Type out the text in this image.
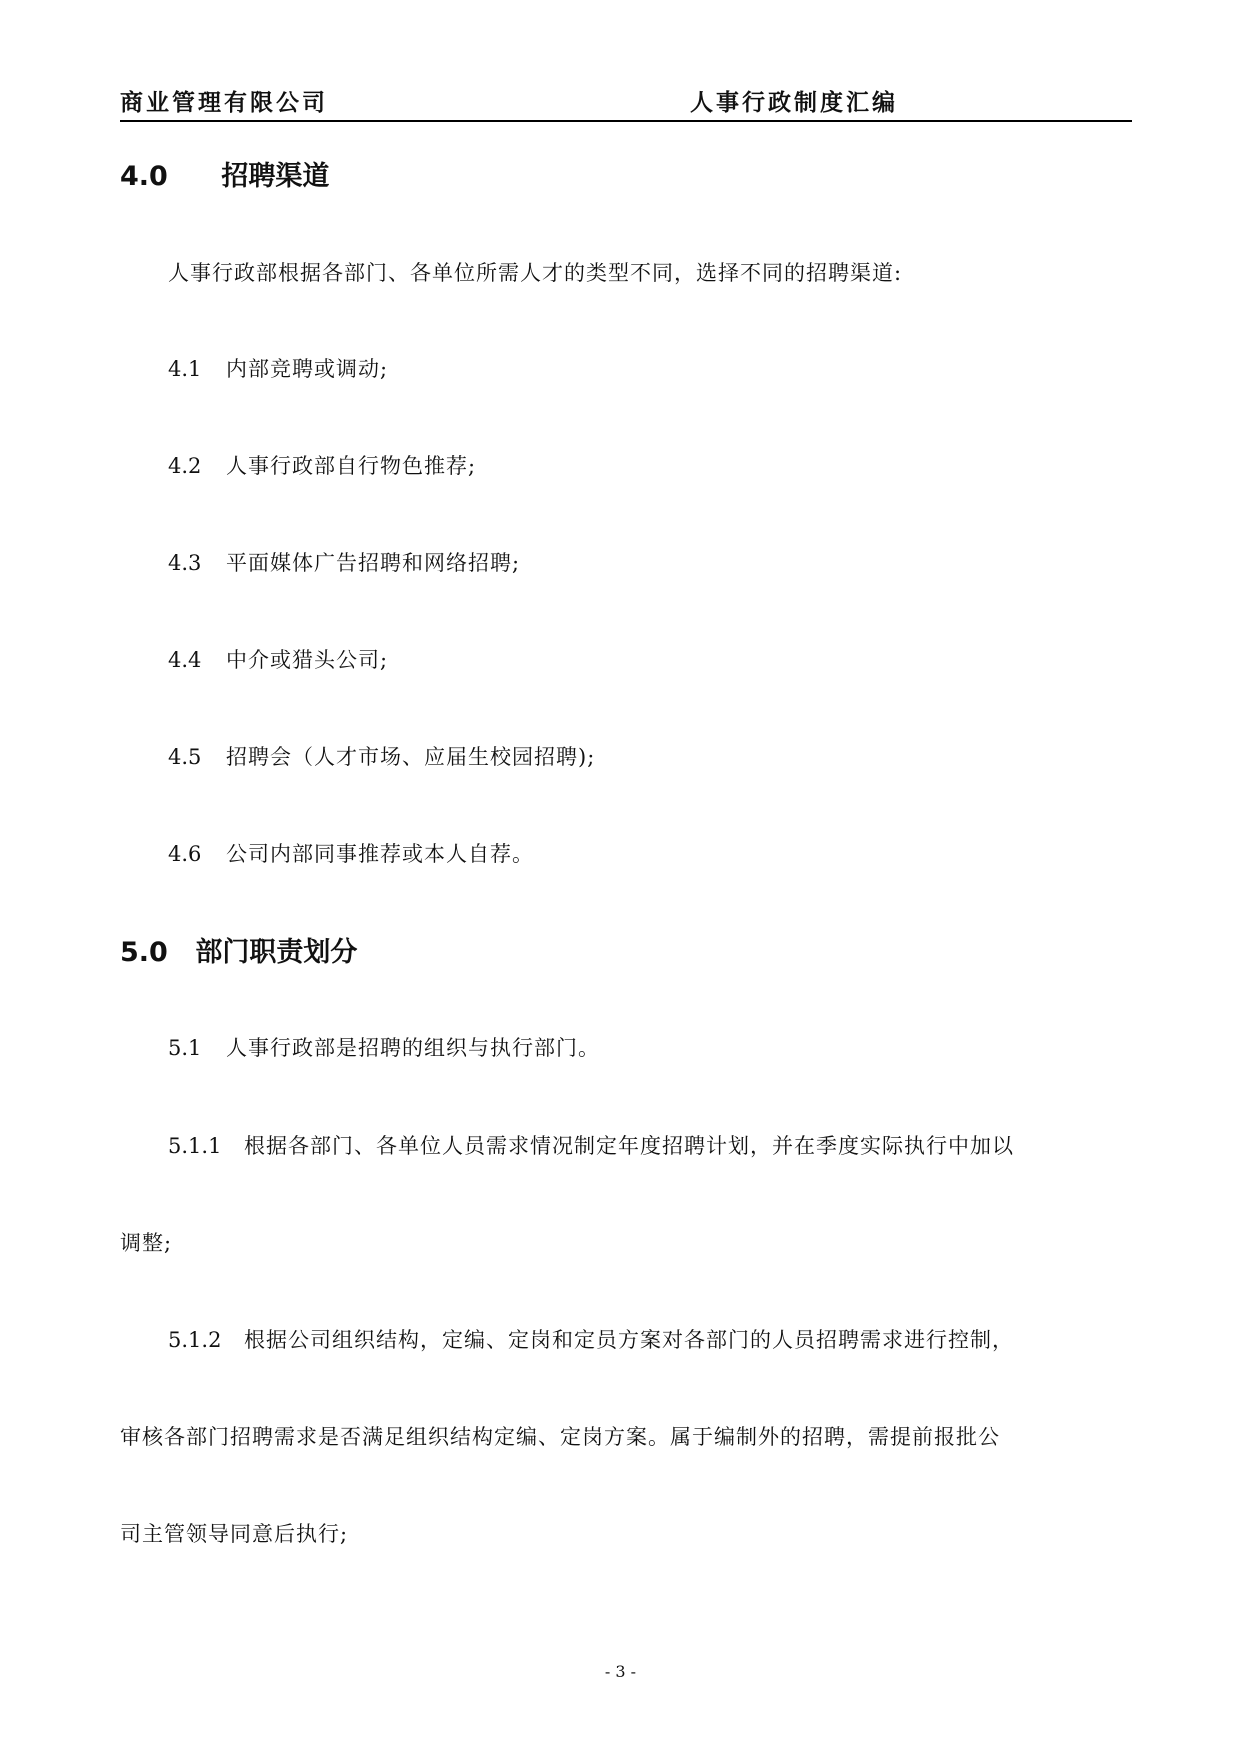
商业管理有限公司	人事行政制度汇编
4.0 招聘渠道
人事行政部根据各部门、各单位所需人才的类型不同，选择不同的招聘渠道:
4.1 内部竞聘或调动;
4.2 人事行政部自行物色推荐;
4.3 平面媒体广告招聘和网络招聘;
4.4 中介或猎头公司;
4.5 招聘会（人才市场、应届生校园招聘);
4.6 公司内部同事推荐或本人自荐。
5.0 部门职责划分
5.1 人事行政部是招聘的组织与执行部门。
5.1.1 根据各部门、各单位人员需求情况制定年度招聘计划，并在季度实际执行中加以
调整;
5.1.2 根据公司组织结构，定编、定岗和定员方案对各部门的人员招聘需求进行控制，
审核各部门招聘需求是否满足组织结构定编、定岗方案。属于编制外的招聘，需提前报批公
司主管领导同意后执行;
- 3 -
